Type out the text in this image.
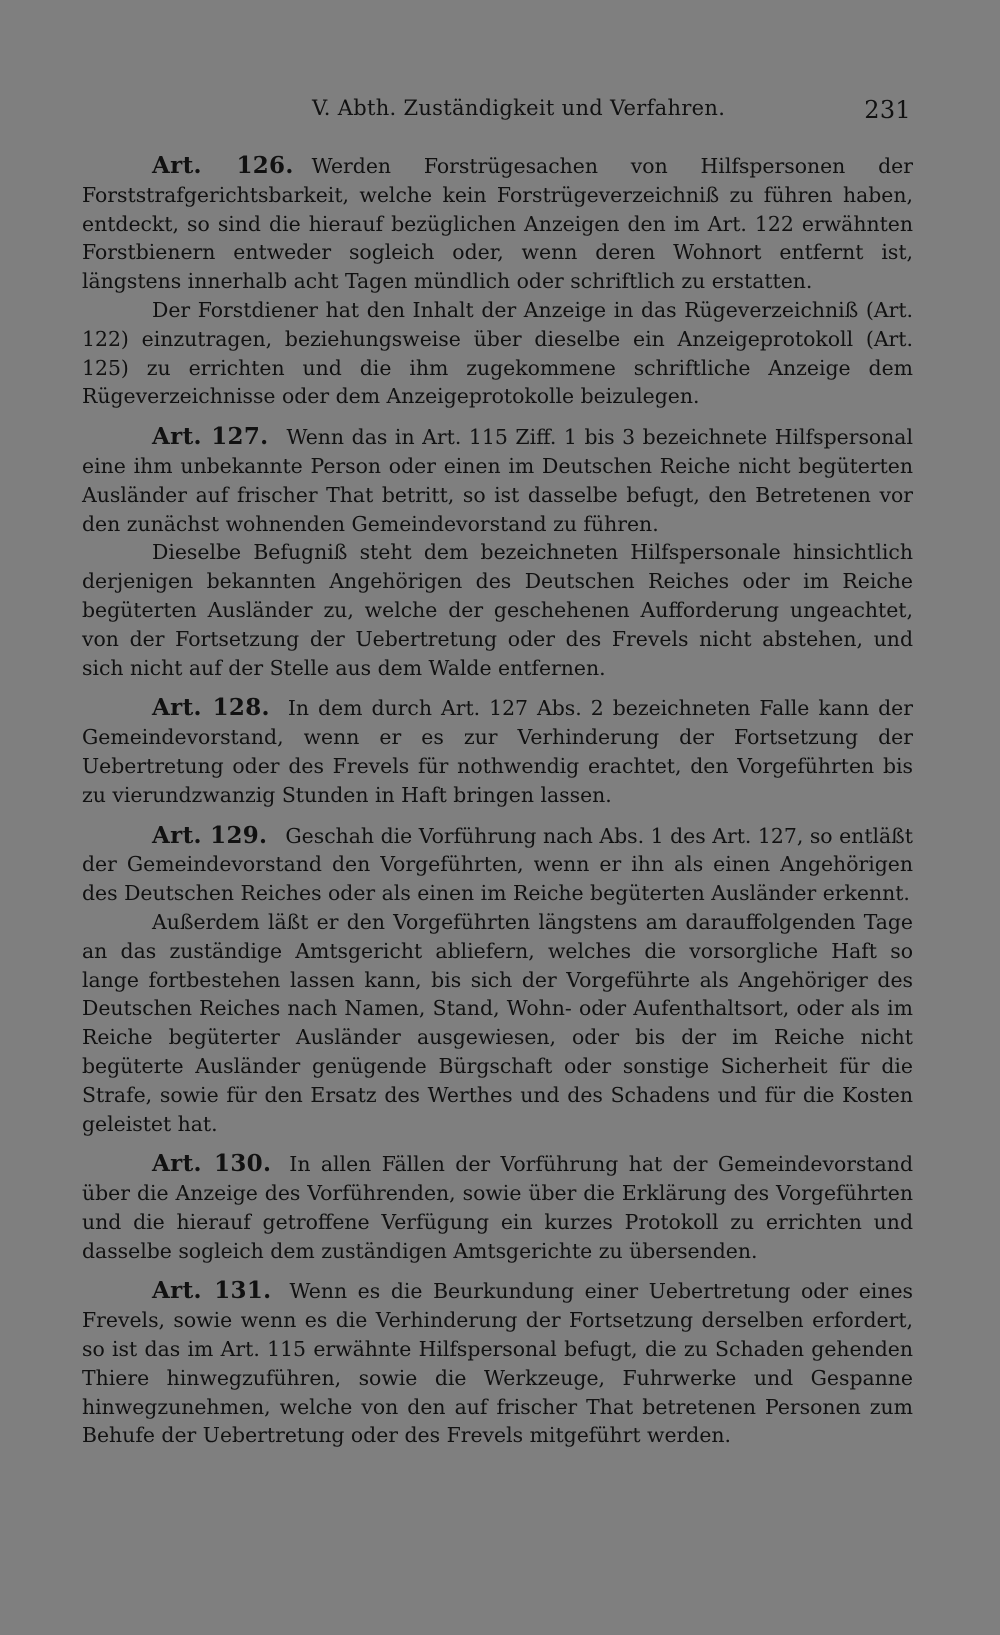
V. Abth. Zuständigkeit und Verfahren.	231

Art. 126. Werden Forstrügesachen von Hilfspersonen der Forststrafgerichtsbarkeit, welche kein Forstrügeverzeichniß zu führen haben, entdeckt, so sind die hierauf bezüglichen Anzeigen den im Art. 122 erwähnten Forstbienern entweder sogleich oder, wenn deren Wohnort entfernt ist, längstens innerhalb acht Tagen mündlich oder schriftlich zu erstatten.

Der Forstdiener hat den Inhalt der Anzeige in das Rügeverzeichniß (Art. 122) einzutragen, beziehungsweise über dieselbe ein Anzeigeprotokoll (Art. 125) zu errichten und die ihm zugekommene schriftliche Anzeige dem Rügeverzeichnisse oder dem Anzeigeprotokolle beizulegen.

Art. 127. Wenn das in Art. 115 Ziff. 1 bis 3 bezeichnete Hilfspersonal eine ihm unbekannte Person oder einen im Deutschen Reiche nicht begüterten Ausländer auf frischer That betritt, so ist dasselbe befugt, den Betretenen vor den zunächst wohnenden Gemeindevorstand zu führen.

Dieselbe Befugniß steht dem bezeichneten Hilfspersonale hinsichtlich derjenigen bekannten Angehörigen des Deutschen Reiches oder im Reiche begüterten Ausländer zu, welche der geschehenen Aufforderung ungeachtet, von der Fortsetzung der Uebertretung oder des Frevels nicht abstehen, und sich nicht auf der Stelle aus dem Walde entfernen.

Art. 128. In dem durch Art. 127 Abs. 2 bezeichneten Falle kann der Gemeindevorstand, wenn er es zur Verhinderung der Fortsetzung der Uebertretung oder des Frevels für nothwendig erachtet, den Vorgeführten bis zu vierundzwanzig Stunden in Haft bringen lassen.

Art. 129. Geschah die Vorführung nach Abs. 1 des Art. 127, so entläßt der Gemeindevorstand den Vorgeführten, wenn er ihn als einen Angehörigen des Deutschen Reiches oder als einen im Reiche begüterten Ausländer erkennt.

Außerdem läßt er den Vorgeführten längstens am darauffolgenden Tage an das zuständige Amtsgericht abliefern, welches die vorsorgliche Haft so lange fortbestehen lassen kann, bis sich der Vorgeführte als Angehöriger des Deutschen Reiches nach Namen, Stand, Wohn- oder Aufenthaltsort, oder als im Reiche begüterter Ausländer ausgewiesen, oder bis der im Reiche nicht begüterte Ausländer genügende Bürgschaft oder sonstige Sicherheit für die Strafe, sowie für den Ersatz des Werthes und des Schadens und für die Kosten geleistet hat.

Art. 130. In allen Fällen der Vorführung hat der Gemeindevorstand über die Anzeige des Vorführenden, sowie über die Erklärung des Vorgeführten und die hierauf getroffene Verfügung ein kurzes Protokoll zu errichten und dasselbe sogleich dem zuständigen Amtsgerichte zu übersenden.

Art. 131. Wenn es die Beurkundung einer Uebertretung oder eines Frevels, sowie wenn es die Verhinderung der Fortsetzung derselben erfordert, so ist das im Art. 115 erwähnte Hilfspersonal befugt, die zu Schaden gehenden Thiere hinwegzuführen, sowie die Werkzeuge, Fuhrwerke und Gespanne hinwegzunehmen, welche von den auf frischer That betretenen Personen zum Behufe der Uebertretung oder des Frevels mitgeführt werden.
